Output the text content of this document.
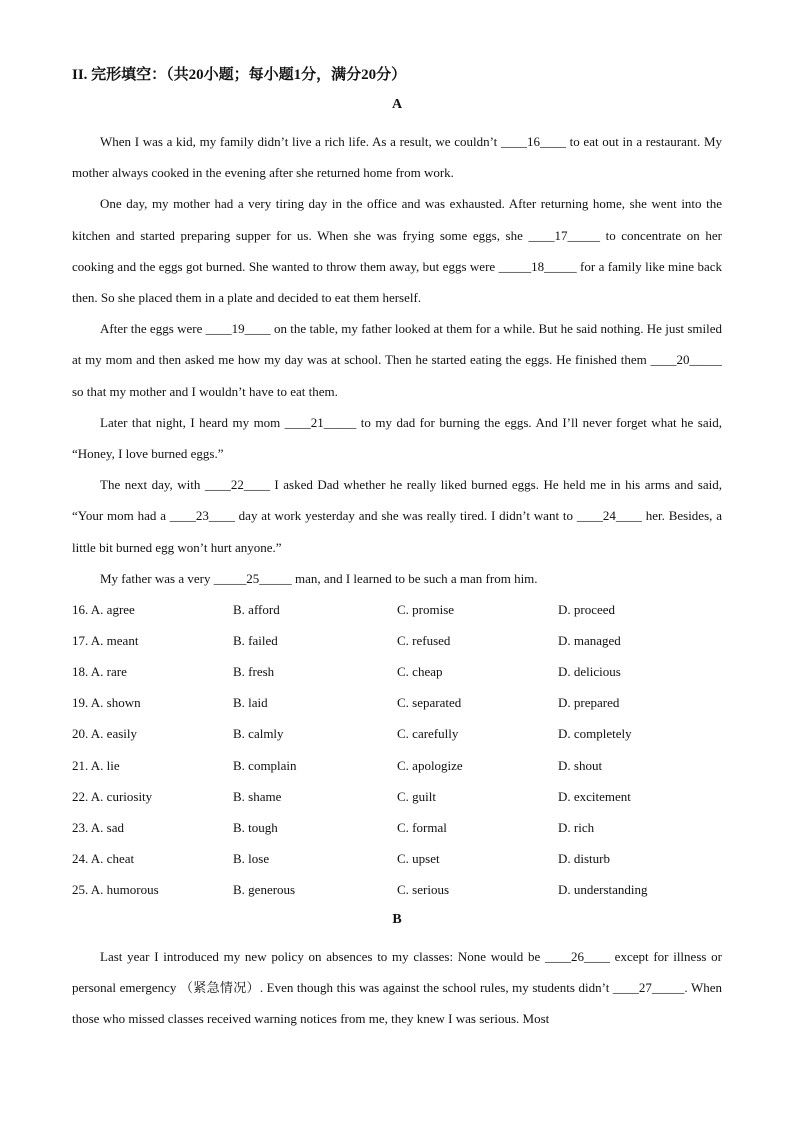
II. 完形填空：（共20小题；每小题1分，满分20分）

A

When I was a kid, my family didn’t live a rich life. As a result, we couldn’t ____16____ to eat out in a restaurant. My mother always cooked in the evening after she returned home from work.

One day, my mother had a very tiring day in the office and was exhausted. After returning home, she went into the kitchen and started preparing supper for us. When she was frying some eggs, she ____17_____ to concentrate on her cooking and the eggs got burned. She wanted to throw them away, but eggs were _____18_____ for a family like mine back then. So she placed them in a plate and decided to eat them herself.

After the eggs were ____19____ on the table, my father looked at them for a while. But he said nothing. He just smiled at my mom and then asked me how my day was at school. Then he started eating the eggs. He finished them ____20_____ so that my mother and I wouldn’t have to eat them.

Later that night, I heard my mom ____21_____ to my dad for burning the eggs. And I’ll never forget what he said, “Honey, I love burned eggs.”

The next day, with ____22____ I asked Dad whether he really liked burned eggs. He held me in his arms and said, “Your mom had a ____23____ day at work yesterday and she was really tired. I didn’t want to ____24____ her. Besides, a little bit burned egg won’t hurt anyone.”

My father was a very _____25_____ man, and I learned to be such a man from him.

16. A. agree	B. afford	C. promise	D. proceed
17. A. meant	B. failed	C. refused	D. managed
18. A. rare	B. fresh	C. cheap	D. delicious
19. A. shown	B. laid	C. separated	D. prepared
20. A. easily	B. calmly	C. carefully	D. completely
21. A. lie	B. complain	C. apologize	D. shout
22. A. curiosity	B. shame	C. guilt	D. excitement
23. A. sad	B. tough	C. formal	D. rich
24. A. cheat	B. lose	C. upset	D. disturb
25. A. humorous	B. generous	C. serious	D. understanding

B

Last year I introduced my new policy on absences to my classes: None would be ____26____ except for illness or personal emergency （紧急情况）. Even though this was against the school rules, my students didn’t ____27_____. When those who missed classes received warning notices from me, they knew I was serious. Most
